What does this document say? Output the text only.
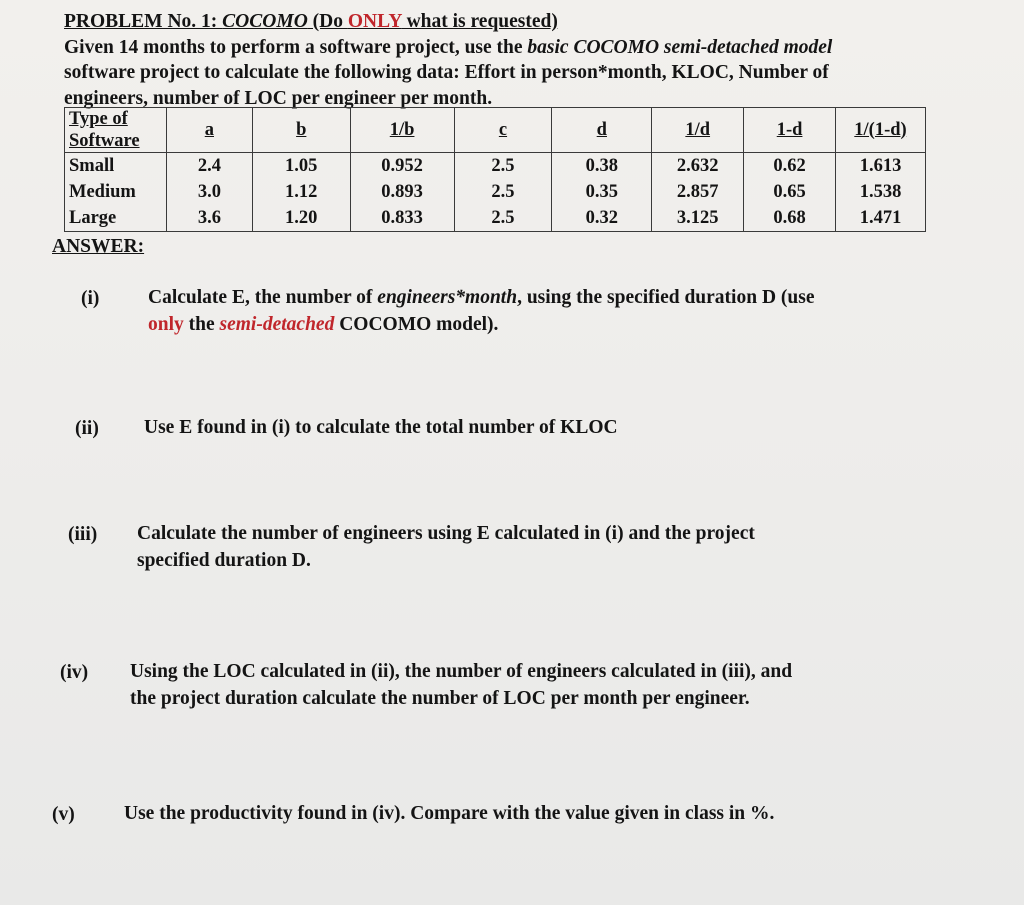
PROBLEM No. 1: COCOMO (Do ONLY what is requested)
Given 14 months to perform a software project, use the basic COCOMO semi-detached model
software project to calculate the following data: Effort in person*month, KLOC, Number of
engineers, number of LOC per engineer per month.
Type of Software	a	b	1/b	c	d	1/d	1-d	1/(1-d)
Small	2.4	1.05	0.952	2.5	0.38	2.632	0.62	1.613
Medium	3.0	1.12	0.893	2.5	0.35	2.857	0.65	1.538
Large	3.6	1.20	0.833	2.5	0.32	3.125	0.68	1.471
ANSWER:
(i) Calculate E, the number of engineers*month, using the specified duration D (use
only the semi-detached COCOMO model).
(ii) Use E found in (i) to calculate the total number of KLOC
(iii) Calculate the number of engineers using E calculated in (i) and the project
specified duration D.
(iv) Using the LOC calculated in (ii), the number of engineers calculated in (iii), and
the project duration calculate the number of LOC per month per engineer.
(v)	Use the productivity found in (iv). Compare with the value given in class in %.
